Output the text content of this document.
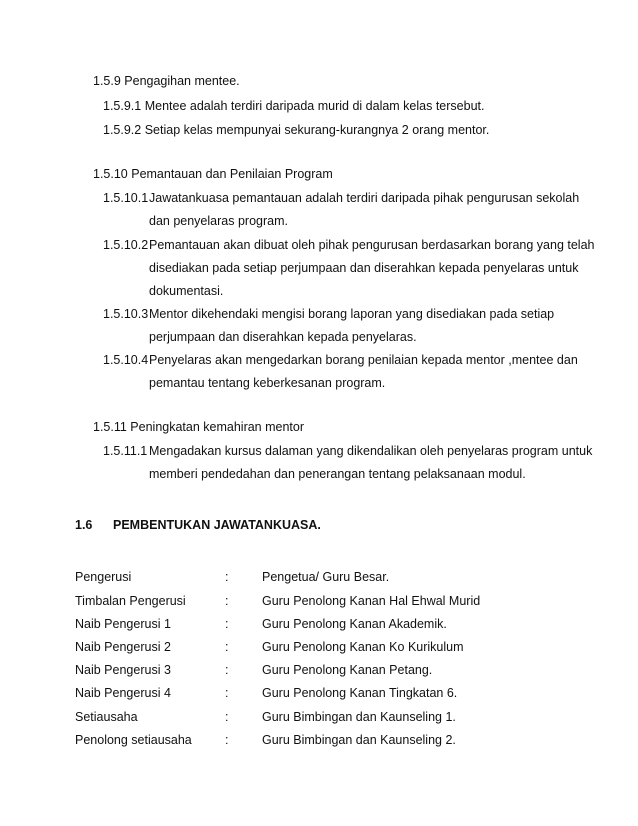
1.5.9 Pengagihan mentee.
1.5.9.1 Mentee adalah terdiri daripada murid di dalam kelas tersebut.
1.5.9.2 Setiap kelas mempunyai sekurang-kurangnya 2 orang mentor.
1.5.10 Pemantauan dan Penilaian Program
1.5.10.1 Jawatankuasa pemantauan adalah terdiri daripada pihak pengurusan sekolah
dan penyelaras program.
1.5.10.2 Pemantauan akan dibuat oleh pihak pengurusan berdasarkan borang yang telah
disediakan pada setiap perjumpaan dan diserahkan kepada penyelaras untuk
dokumentasi.
1.5.10.3 Mentor dikehendaki mengisi borang laporan yang disediakan pada setiap
perjumpaan dan diserahkan kepada penyelaras.
1.5.10.4 Penyelaras akan mengedarkan borang penilaian kepada mentor ,mentee dan
pemantau tentang keberkesanan program.
1.5.11 Peningkatan kemahiran mentor
1.5.11.1 Mengadakan kursus dalaman yang dikendalikan oleh penyelaras program untuk
memberi pendedahan dan penerangan tentang pelaksanaan modul.
1.6 PEMBENTUKAN JAWATANKUASA.
Pengerusi	:	Pengetua/ Guru Besar.
Timbalan Pengerusi	:	Guru Penolong Kanan Hal Ehwal Murid
Naib Pengerusi 1	:	Guru Penolong Kanan Akademik.
Naib Pengerusi 2	:	Guru Penolong Kanan Ko Kurikulum
Naib Pengerusi 3	:	Guru Penolong Kanan Petang.
Naib Pengerusi 4	:	Guru Penolong Kanan Tingkatan 6.
Setiausaha	:	Guru Bimbingan dan Kaunseling 1.
Penolong setiausaha	:	Guru Bimbingan dan Kaunseling 2.
